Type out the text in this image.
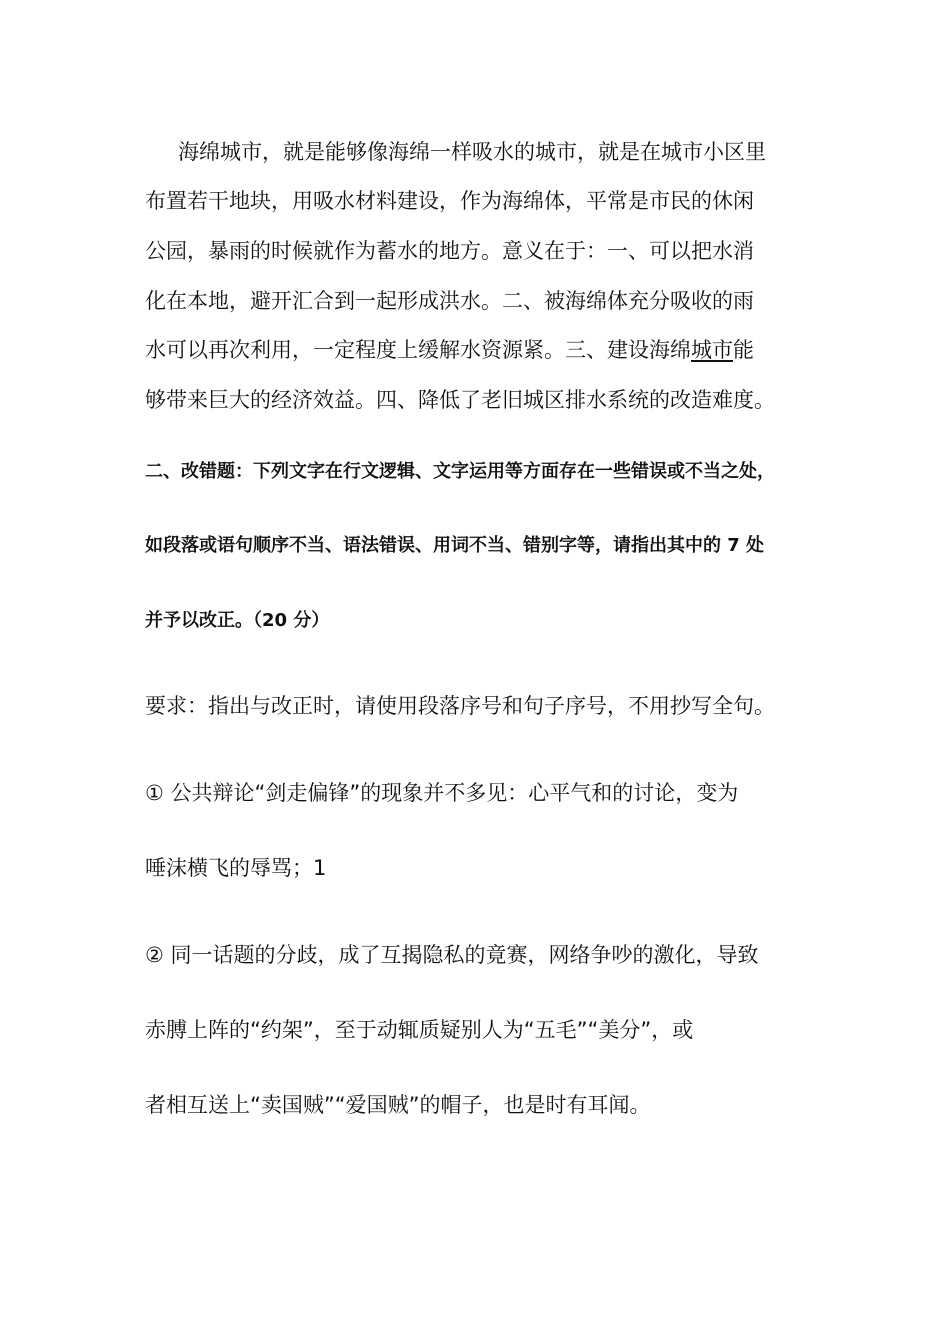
海绵城市，就是能够像海绵一样吸水的城市，就是在城市小区里
布置若干地块，用吸水材料建设，作为海绵体，平常是市民的休闲
公园，暴雨的时候就作为蓄水的地方。意义在于：一、可以把水消
化在本地，避开汇合到一起形成洪水。二、被海绵体充分吸收的雨
水可以再次利用，一定程度上缓解水资源紧。三、建设海绵城市能
够带来巨大的经济效益。四、降低了老旧城区排水系统的改造难度。
二、改错题：下列文字在行文逻辑、文字运用等方面存在一些错误或不当之处，
如段落或语句顺序不当、语法错误、用词不当、错别字等，请指出其中的 7 处
并予以改正。（20 分）
要求：指出与改正时，请使用段落序号和句子序号，不用抄写全句。
① 公共辩论“剑走偏锋”的现象并不多见：心平气和的讨论，变为
唾沫横飞的辱骂；1
② 同一话题的分歧，成了互揭隐私的竟赛，网络争吵的激化，导致
赤膊上阵的“约架”，至于动辄质疑别人为“五毛”“美分”，或
者相互送上“卖国贼”“爱国贼”的帽子，也是时有耳闻。
